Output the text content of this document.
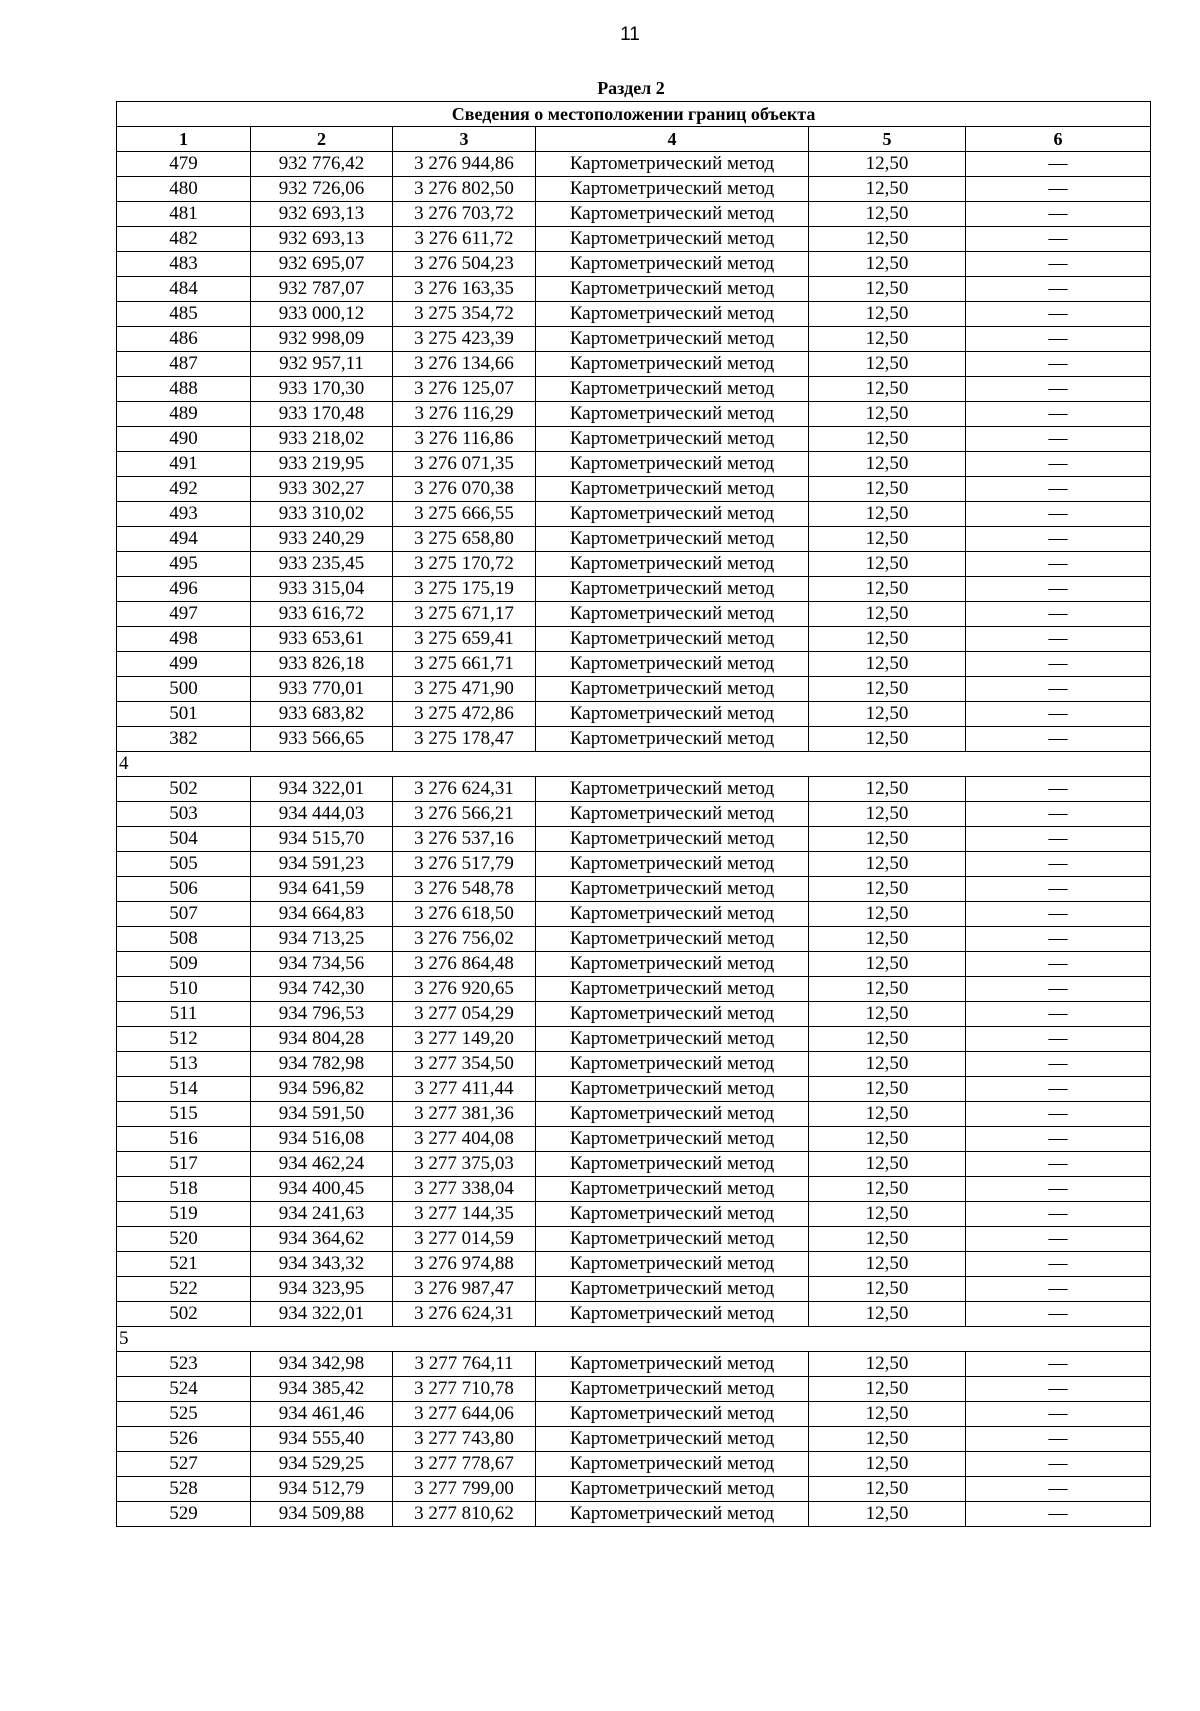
11
Раздел 2
Сведения о местоположении границ объекта					
1	2	3	4	5	6
479	932 776,42	3 276 944,86	Картометрический метод	12,50	—
480	932 726,06	3 276 802,50	Картометрический метод	12,50	—
481	932 693,13	3 276 703,72	Картометрический метод	12,50	—
482	932 693,13	3 276 611,72	Картометрический метод	12,50	—
483	932 695,07	3 276 504,23	Картометрический метод	12,50	—
484	932 787,07	3 276 163,35	Картометрический метод	12,50	—
485	933 000,12	3 275 354,72	Картометрический метод	12,50	—
486	932 998,09	3 275 423,39	Картометрический метод	12,50	—
487	932 957,11	3 276 134,66	Картометрический метод	12,50	—
488	933 170,30	3 276 125,07	Картометрический метод	12,50	—
489	933 170,48	3 276 116,29	Картометрический метод	12,50	—
490	933 218,02	3 276 116,86	Картометрический метод	12,50	—
491	933 219,95	3 276 071,35	Картометрический метод	12,50	—
492	933 302,27	3 276 070,38	Картометрический метод	12,50	—
493	933 310,02	3 275 666,55	Картометрический метод	12,50	—
494	933 240,29	3 275 658,80	Картометрический метод	12,50	—
495	933 235,45	3 275 170,72	Картометрический метод	12,50	—
496	933 315,04	3 275 175,19	Картометрический метод	12,50	—
497	933 616,72	3 275 671,17	Картометрический метод	12,50	—
498	933 653,61	3 275 659,41	Картометрический метод	12,50	—
499	933 826,18	3 275 661,71	Картометрический метод	12,50	—
500	933 770,01	3 275 471,90	Картометрический метод	12,50	—
501	933 683,82	3 275 472,86	Картометрический метод	12,50	—
382	933 566,65	3 275 178,47	Картометрический метод	12,50	—
4					
502	934 322,01	3 276 624,31	Картометрический метод	12,50	—
503	934 444,03	3 276 566,21	Картометрический метод	12,50	—
504	934 515,70	3 276 537,16	Картометрический метод	12,50	—
505	934 591,23	3 276 517,79	Картометрический метод	12,50	—
506	934 641,59	3 276 548,78	Картометрический метод	12,50	—
507	934 664,83	3 276 618,50	Картометрический метод	12,50	—
508	934 713,25	3 276 756,02	Картометрический метод	12,50	—
509	934 734,56	3 276 864,48	Картометрический метод	12,50	—
510	934 742,30	3 276 920,65	Картометрический метод	12,50	—
511	934 796,53	3 277 054,29	Картометрический метод	12,50	—
512	934 804,28	3 277 149,20	Картометрический метод	12,50	—
513	934 782,98	3 277 354,50	Картометрический метод	12,50	—
514	934 596,82	3 277 411,44	Картометрический метод	12,50	—
515	934 591,50	3 277 381,36	Картометрический метод	12,50	—
516	934 516,08	3 277 404,08	Картометрический метод	12,50	—
517	934 462,24	3 277 375,03	Картометрический метод	12,50	—
518	934 400,45	3 277 338,04	Картометрический метод	12,50	—
519	934 241,63	3 277 144,35	Картометрический метод	12,50	—
520	934 364,62	3 277 014,59	Картометрический метод	12,50	—
521	934 343,32	3 276 974,88	Картометрический метод	12,50	—
522	934 323,95	3 276 987,47	Картометрический метод	12,50	—
502	934 322,01	3 276 624,31	Картометрический метод	12,50	—
5					
523	934 342,98	3 277 764,11	Картометрический метод	12,50	—
524	934 385,42	3 277 710,78	Картометрический метод	12,50	—
525	934 461,46	3 277 644,06	Картометрический метод	12,50	—
526	934 555,40	3 277 743,80	Картометрический метод	12,50	—
527	934 529,25	3 277 778,67	Картометрический метод	12,50	—
528	934 512,79	3 277 799,00	Картометрический метод	12,50	—
529	934 509,88	3 277 810,62	Картометрический метод	12,50	—
